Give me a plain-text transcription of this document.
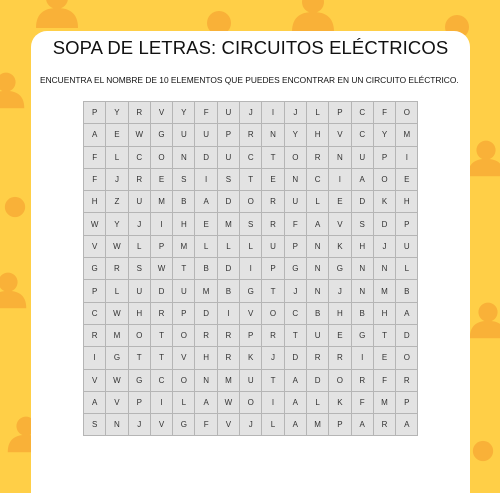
SOPA DE LETRAS: CIRCUITOS ELÉCTRICOS

ENCUENTRA EL NOMBRE DE 10 ELEMENTOS QUE PUEDES ENCONTRAR EN UN CIRCUITO ELÉCTRICO.

P	Y	R	V	Y	F	U	J	I	J	L	P	C	F	O
A	E	W	G	U	U	P	R	N	Y	H	V	C	Y	M
F	L	C	O	N	D	U	C	T	O	R	N	U	P	I
F	J	R	E	S	I	S	T	E	N	C	I	A	O	E
H	Z	U	M	B	A	D	O	R	U	L	E	D	K	H
W	Y	J	I	H	E	M	S	R	F	A	V	S	D	P
V	W	L	P	M	L	L	L	U	P	N	K	H	J	U
G	R	S	W	T	B	D	I	P	G	N	G	N	N	L
P	L	U	D	U	M	B	G	T	J	N	J	N	M	B
C	W	H	R	P	D	I	V	O	C	B	H	B	H	A
R	M	O	T	O	R	R	P	R	T	U	E	G	T	D
I	G	T	T	V	H	R	K	J	D	R	R	I	E	O
V	W	G	C	O	N	M	U	T	A	D	O	R	F	R
A	V	P	I	L	A	W	O	I	A	L	K	F	M	P
S	N	J	V	G	F	V	J	L	A	M	P	A	R	A
